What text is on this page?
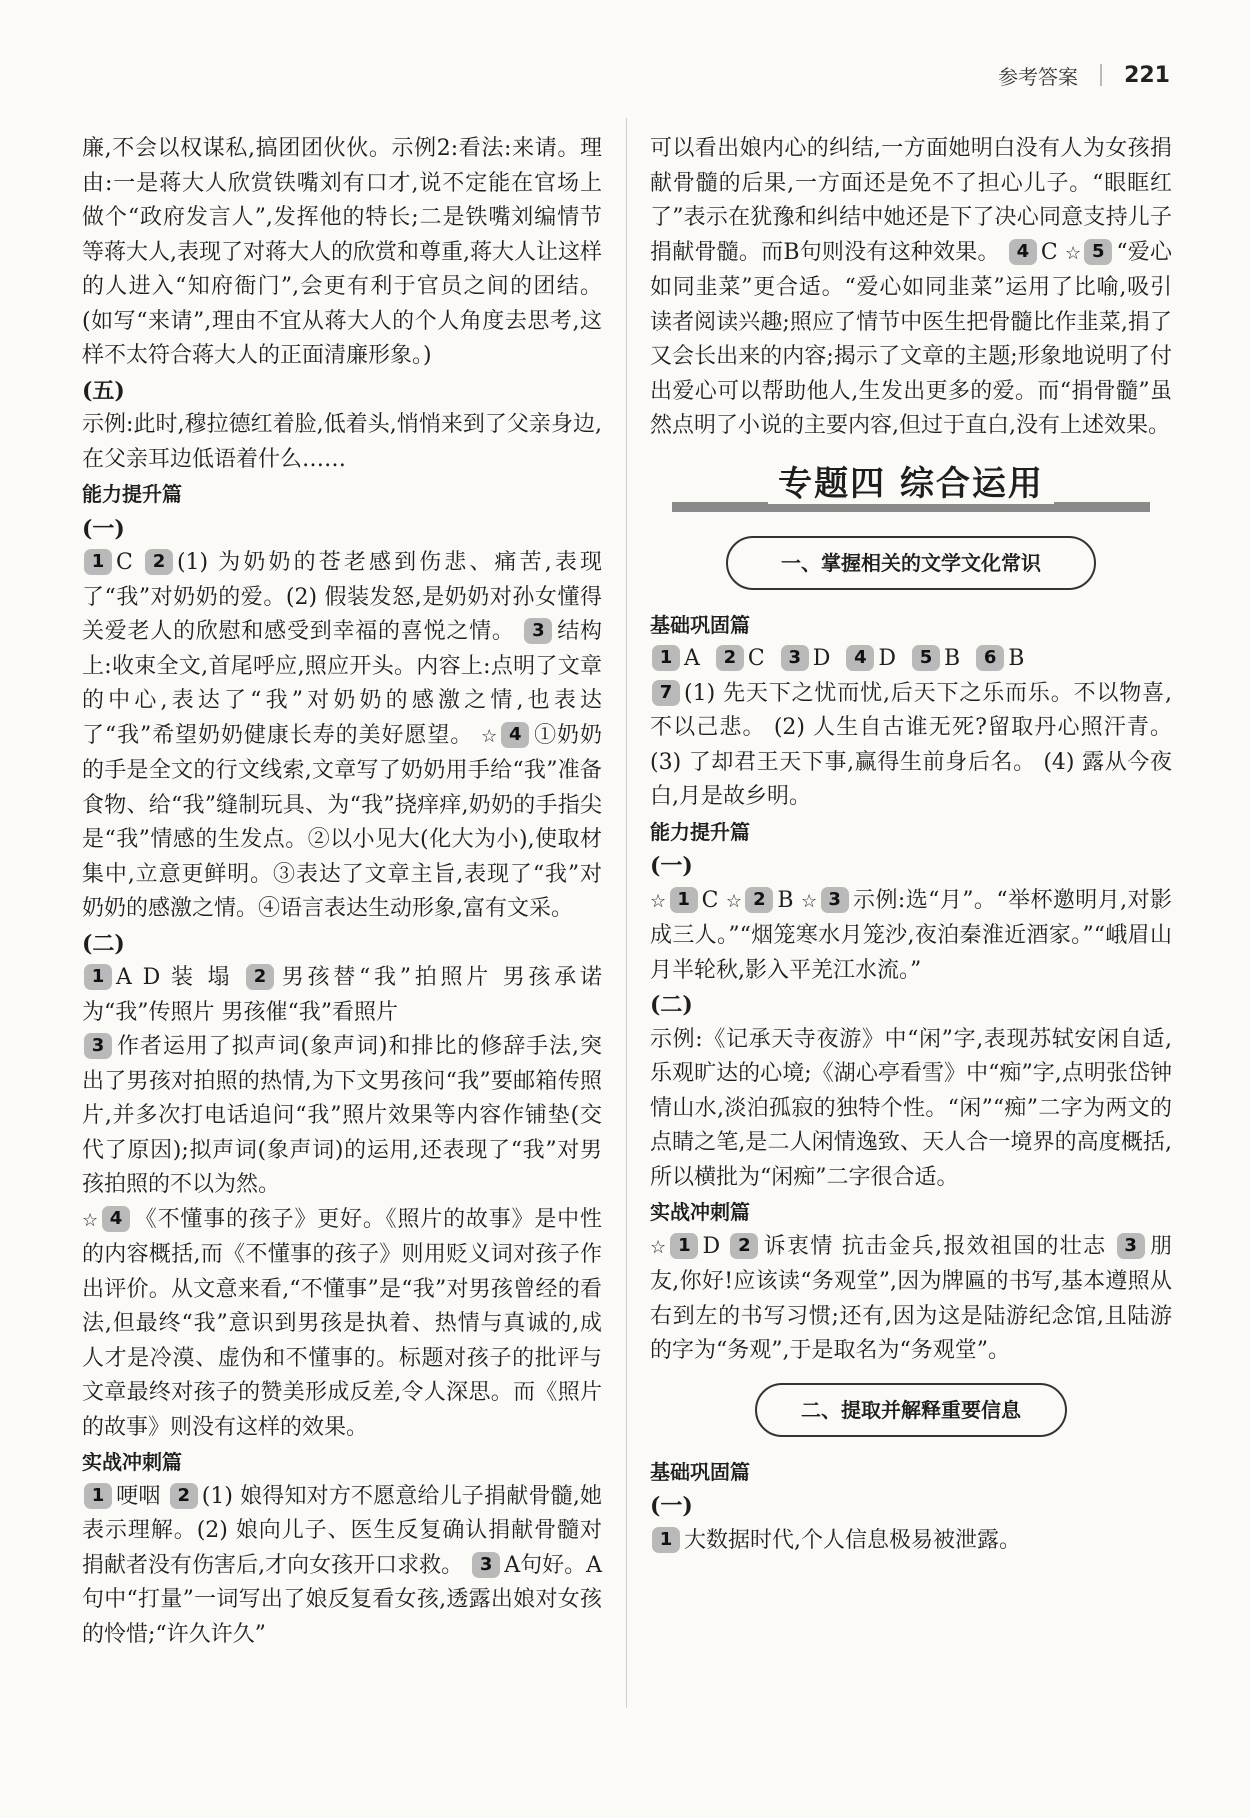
参考答案 221

廉,不会以权谋私,搞团团伙伙。示例2:看法:来请。理由:一是蒋大人欣赏铁嘴刘有口才,说不定能在官场上做个“政府发言人”,发挥他的特长;二是铁嘴刘编情节等蒋大人,表现了对蒋大人的欣赏和尊重,蒋大人让这样的人进入“知府衙门”,会更有利于官员之间的团结。(如写“来请”,理由不宜从蒋大人的个人角度去思考,这样不太符合蒋大人的正面清廉形象。)

(五)

示例:此时,穆拉德红着脸,低着头,悄悄来到了父亲身边,在父亲耳边低语着什么……

能力提升篇

(一)

1 C 2 (1) 为奶奶的苍老感到伤悲、痛苦,表现了“我”对奶奶的爱。(2) 假装发怒,是奶奶对孙女懂得关爱老人的欣慰和感受到幸福的喜悦之情。 3 结构上:收束全文,首尾呼应,照应开头。内容上:点明了文章的中心,表达了“我”对奶奶的感激之情,也表达了“我”希望奶奶健康长寿的美好愿望。 ☆ 4 ①奶奶的手是全文的行文线索,文章写了奶奶用手给“我”准备食物、给“我”缝制玩具、为“我”挠痒痒,奶奶的手指尖是“我”情感的生发点。②以小见大(化大为小),使取材集中,立意更鲜明。③表达了文章主旨,表现了“我”对奶奶的感激之情。④语言表达生动形象,富有文采。

(二)

1 A D 装 塌 2 男孩替“我”拍照片 男孩承诺为“我”传照片 男孩催“我”看照片

3 作者运用了拟声词(象声词)和排比的修辞手法,突出了男孩对拍照的热情,为下文男孩问“我”要邮箱传照片,并多次打电话追问“我”照片效果等内容作铺垫(交代了原因);拟声词(象声词)的运用,还表现了“我”对男孩拍照的不以为然。

☆ 4 《不懂事的孩子》更好。《照片的故事》是中性的内容概括,而《不懂事的孩子》则用贬义词对孩子作出评价。从文意来看,“不懂事”是“我”对男孩曾经的看法,但最终“我”意识到男孩是执着、热情与真诚的,成人才是冷漠、虚伪和不懂事的。标题对孩子的批评与文章最终对孩子的赞美形成反差,令人深思。而《照片的故事》则没有这样的效果。

实战冲刺篇

1 哽咽 2 (1) 娘得知对方不愿意给儿子捐献骨髓,她表示理解。(2) 娘向儿子、医生反复确认捐献骨髓对捐献者没有伤害后,才向女孩开口求救。 3 A句好。A句中“打量”一词写出了娘反复看女孩,透露出娘对女孩的怜惜;“许久许久”

可以看出娘内心的纠结,一方面她明白没有人为女孩捐献骨髓的后果,一方面还是免不了担心儿子。“眼眶红了”表示在犹豫和纠结中她还是下了决心同意支持儿子捐献骨髓。而B句则没有这种效果。 4 C ☆ 5 “爱心如同韭菜”更合适。“爱心如同韭菜”运用了比喻,吸引读者阅读兴趣;照应了情节中医生把骨髓比作韭菜,捐了又会长出来的内容;揭示了文章的主题;形象地说明了付出爱心可以帮助他人,生发出更多的爱。而“捐骨髓”虽然点明了小说的主要内容,但过于直白,没有上述效果。

专题四 综合运用
一、掌握相关的文学文化常识

基础巩固篇

1 A 2 C 3 D 4 D 5 B 6 B

7 (1) 先天下之忧而忧,后天下之乐而乐。不以物喜,不以己悲。 (2) 人生自古谁无死?留取丹心照汗青。 (3) 了却君王天下事,赢得生前身后名。 (4) 露从今夜白,月是故乡明。

能力提升篇

(一)

☆ 1 C ☆ 2 B ☆ 3 示例:选“月”。“举杯邀明月,对影成三人。”“烟笼寒水月笼沙,夜泊秦淮近酒家。”“峨眉山月半轮秋,影入平羌江水流。”

(二)

示例:《记承天寺夜游》中“闲”字,表现苏轼安闲自适,乐观旷达的心境;《湖心亭看雪》中“痴”字,点明张岱钟情山水,淡泊孤寂的独特个性。“闲”“痴”二字为两文的点睛之笔,是二人闲情逸致、天人合一境界的高度概括,所以横批为“闲痴”二字很合适。

实战冲刺篇

☆ 1 D 2 诉衷情 抗击金兵,报效祖国的壮志 3 朋友,你好!应该读“务观堂”,因为牌匾的书写,基本遵照从右到左的书写习惯;还有,因为这是陆游纪念馆,且陆游的字为“务观”,于是取名为“务观堂”。

二、提取并解释重要信息

基础巩固篇

(一)

1 大数据时代,个人信息极易被泄露。
